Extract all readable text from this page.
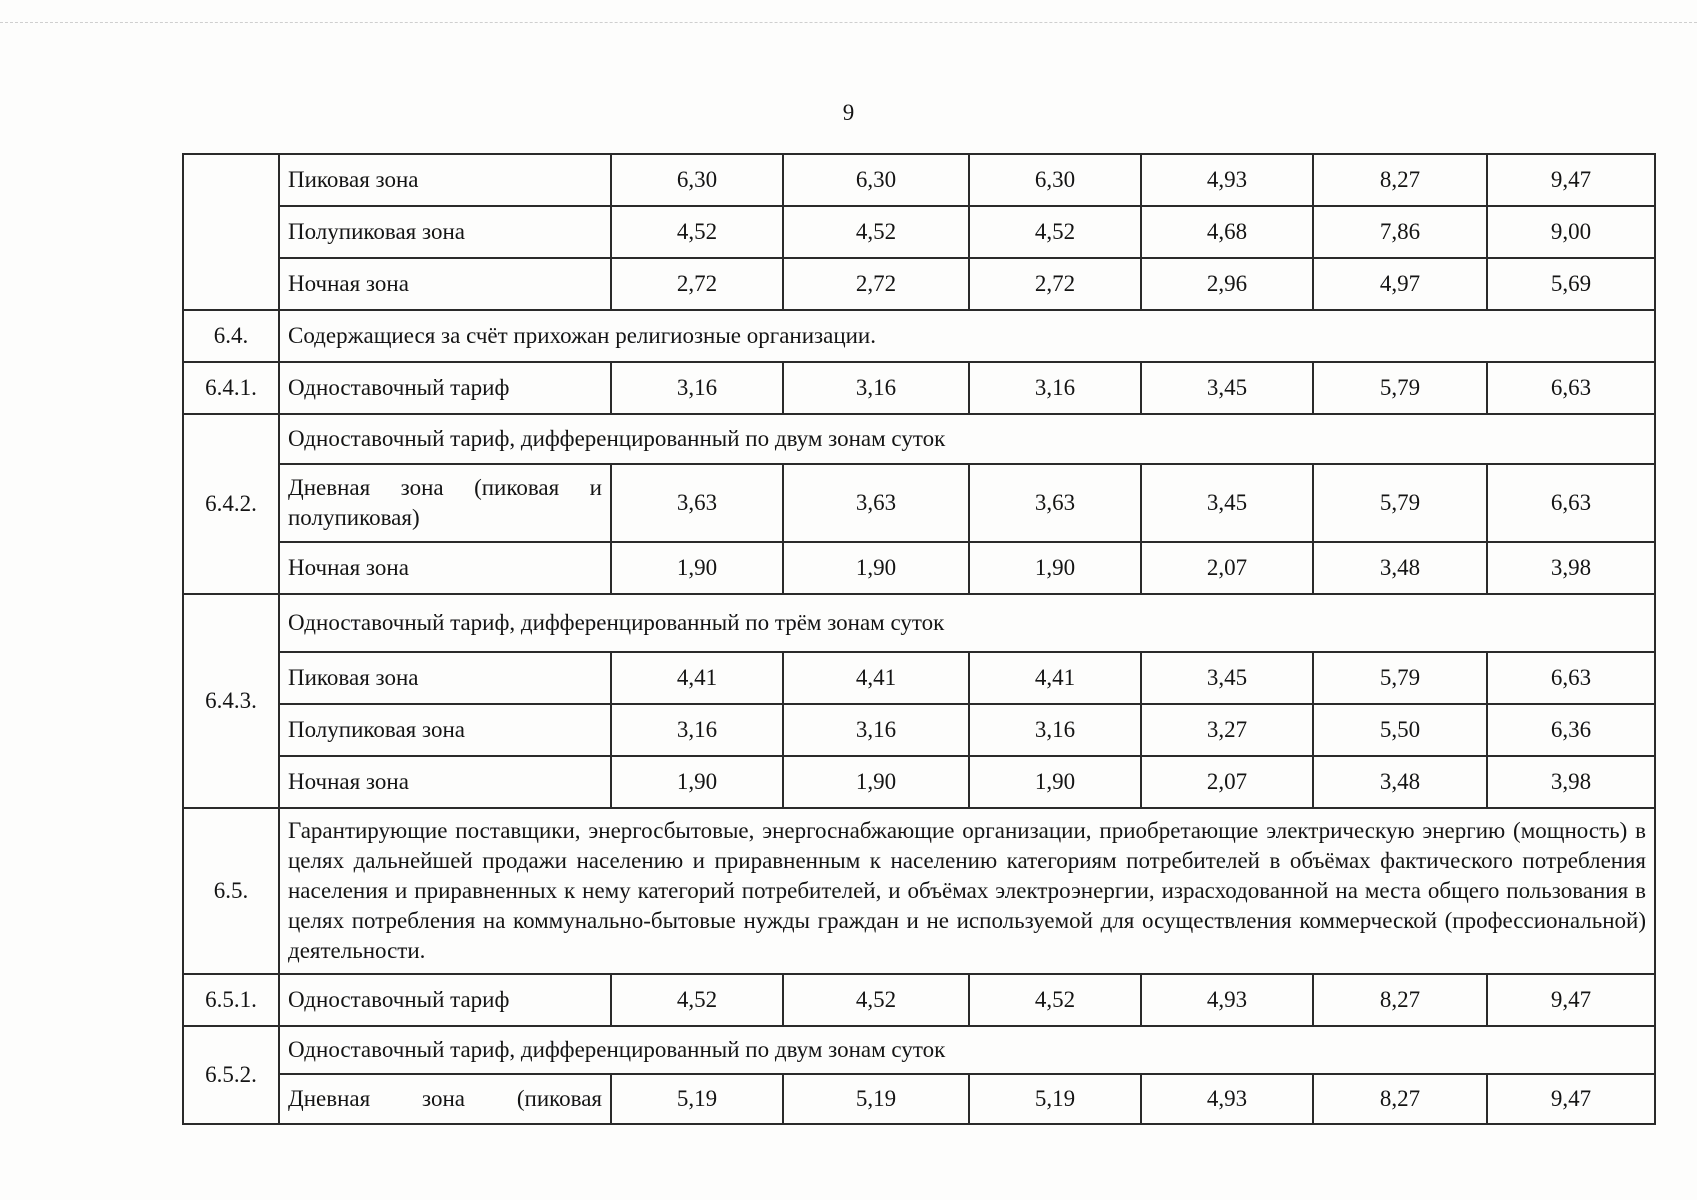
9
	Пиковая зона	6,30	6,30	6,30	4,93	8,27	9,47
	Полупиковая зона	4,52	4,52	4,52	4,68	7,86	9,00
	Ночная зона	2,72	2,72	2,72	2,96	4,97	5,69
6.4.	Содержащиеся за счёт прихожан религиозные организации.						
6.4.1.	Одноставочный тариф	3,16	3,16	3,16	3,45	5,79	6,63
6.4.2.	Одноставочный тариф, дифференцированный по двум зонам суток						
	Дневная зона (пиковая и полупиковая)	3,63	3,63	3,63	3,45	5,79	6,63
	Ночная зона	1,90	1,90	1,90	2,07	3,48	3,98
6.4.3.	Одноставочный тариф, дифференцированный по трём зонам суток						
	Пиковая зона	4,41	4,41	4,41	3,45	5,79	6,63
	Полупиковая зона	3,16	3,16	3,16	3,27	5,50	6,36
	Ночная зона	1,90	1,90	1,90	2,07	3,48	3,98
6.5.	Гарантирующие поставщики, энергосбытовые, энергоснабжающие организации, приобретающие электрическую энергию (мощность) в целях дальнейшей продажи населению и приравненным к населению категориям потребителей в объёмах фактического потребления населения и приравненных к нему категорий потребителей, и объёмах электроэнергии, израсходованной на места общего пользования в целях потребления на коммунально-бытовые нужды граждан и не используемой для осуществления коммерческой (профессиональной) деятельности.						
6.5.1.	Одноставочный тариф	4,52	4,52	4,52	4,93	8,27	9,47
6.5.2.	Одноставочный тариф, дифференцированный по двум зонам суток						
	Дневная зона (пиковая	5,19	5,19	5,19	4,93	8,27	9,47
